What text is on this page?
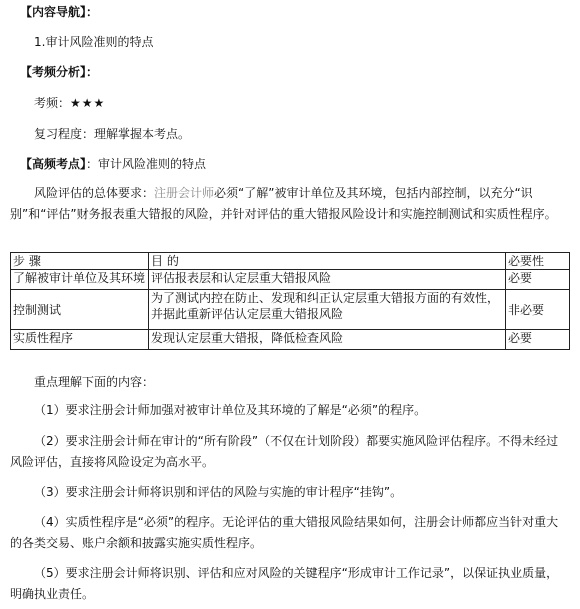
【内容导航】：
1.审计风险准则的特点
【考频分析】：
考频：★★★
复习程度：理解掌握本考点。
【高频考点】：审计风险准则的特点
风险评估的总体要求：注册会计师必须“了解”被审计单位及其环境，包括内部控制，以充分“识别”和“评估”财务报表重大错报的风险，并针对评估的重大错报风险设计和实施控制测试和实质性程序。
步 骤	目 的	必要性
了解被审计单位及其环境	评估报表层和认定层重大错报风险	必要
控制测试	为了测试内控在防止、发现和纠正认定层重大错报方面的有效性，并据此重新评估认定层重大错报风险	非必要
实质性程序	发现认定层重大错报，降低检查风险	必要
重点理解下面的内容：
（1）要求注册会计师加强对被审计单位及其环境的了解是“必须”的程序。
（2）要求注册会计师在审计的“所有阶段”（不仅在计划阶段）都要实施风险评估程序。不得未经过风险评估，直接将风险设定为高水平。
（3）要求注册会计师将识别和评估的风险与实施的审计程序“挂钩”。
（4）实质性程序是“必须”的程序。无论评估的重大错报风险结果如何，注册会计师都应当针对重大的各类交易、账户余额和披露实施实质性程序。
（5）要求注册会计师将识别、评估和应对风险的关键程序“形成审计工作记录”，以保证执业质量，明确执业责任。
